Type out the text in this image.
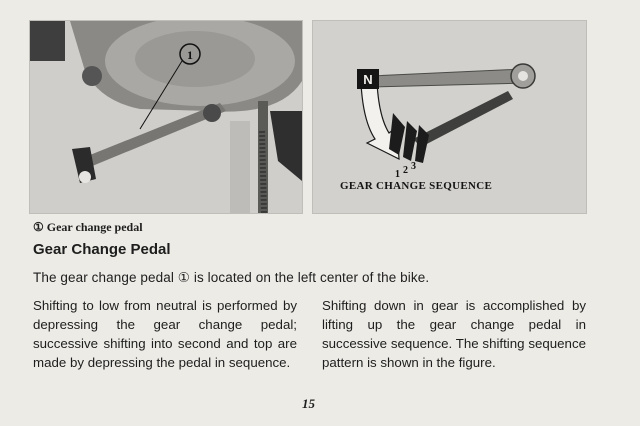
1
N
1 2 3
GEAR CHANGE SEQUENCE
① Gear change pedal
Gear Change Pedal
The gear change pedal ① is located on the left center of the bike.
Shifting to low from neutral is performed by depressing the gear change pedal; successive shifting into second and top are made by depressing the pedal in sequence.
Shifting down in gear is accomplished by lifting up the gear change pedal in successive sequence. The shifting sequence pattern is shown in the figure.
15
